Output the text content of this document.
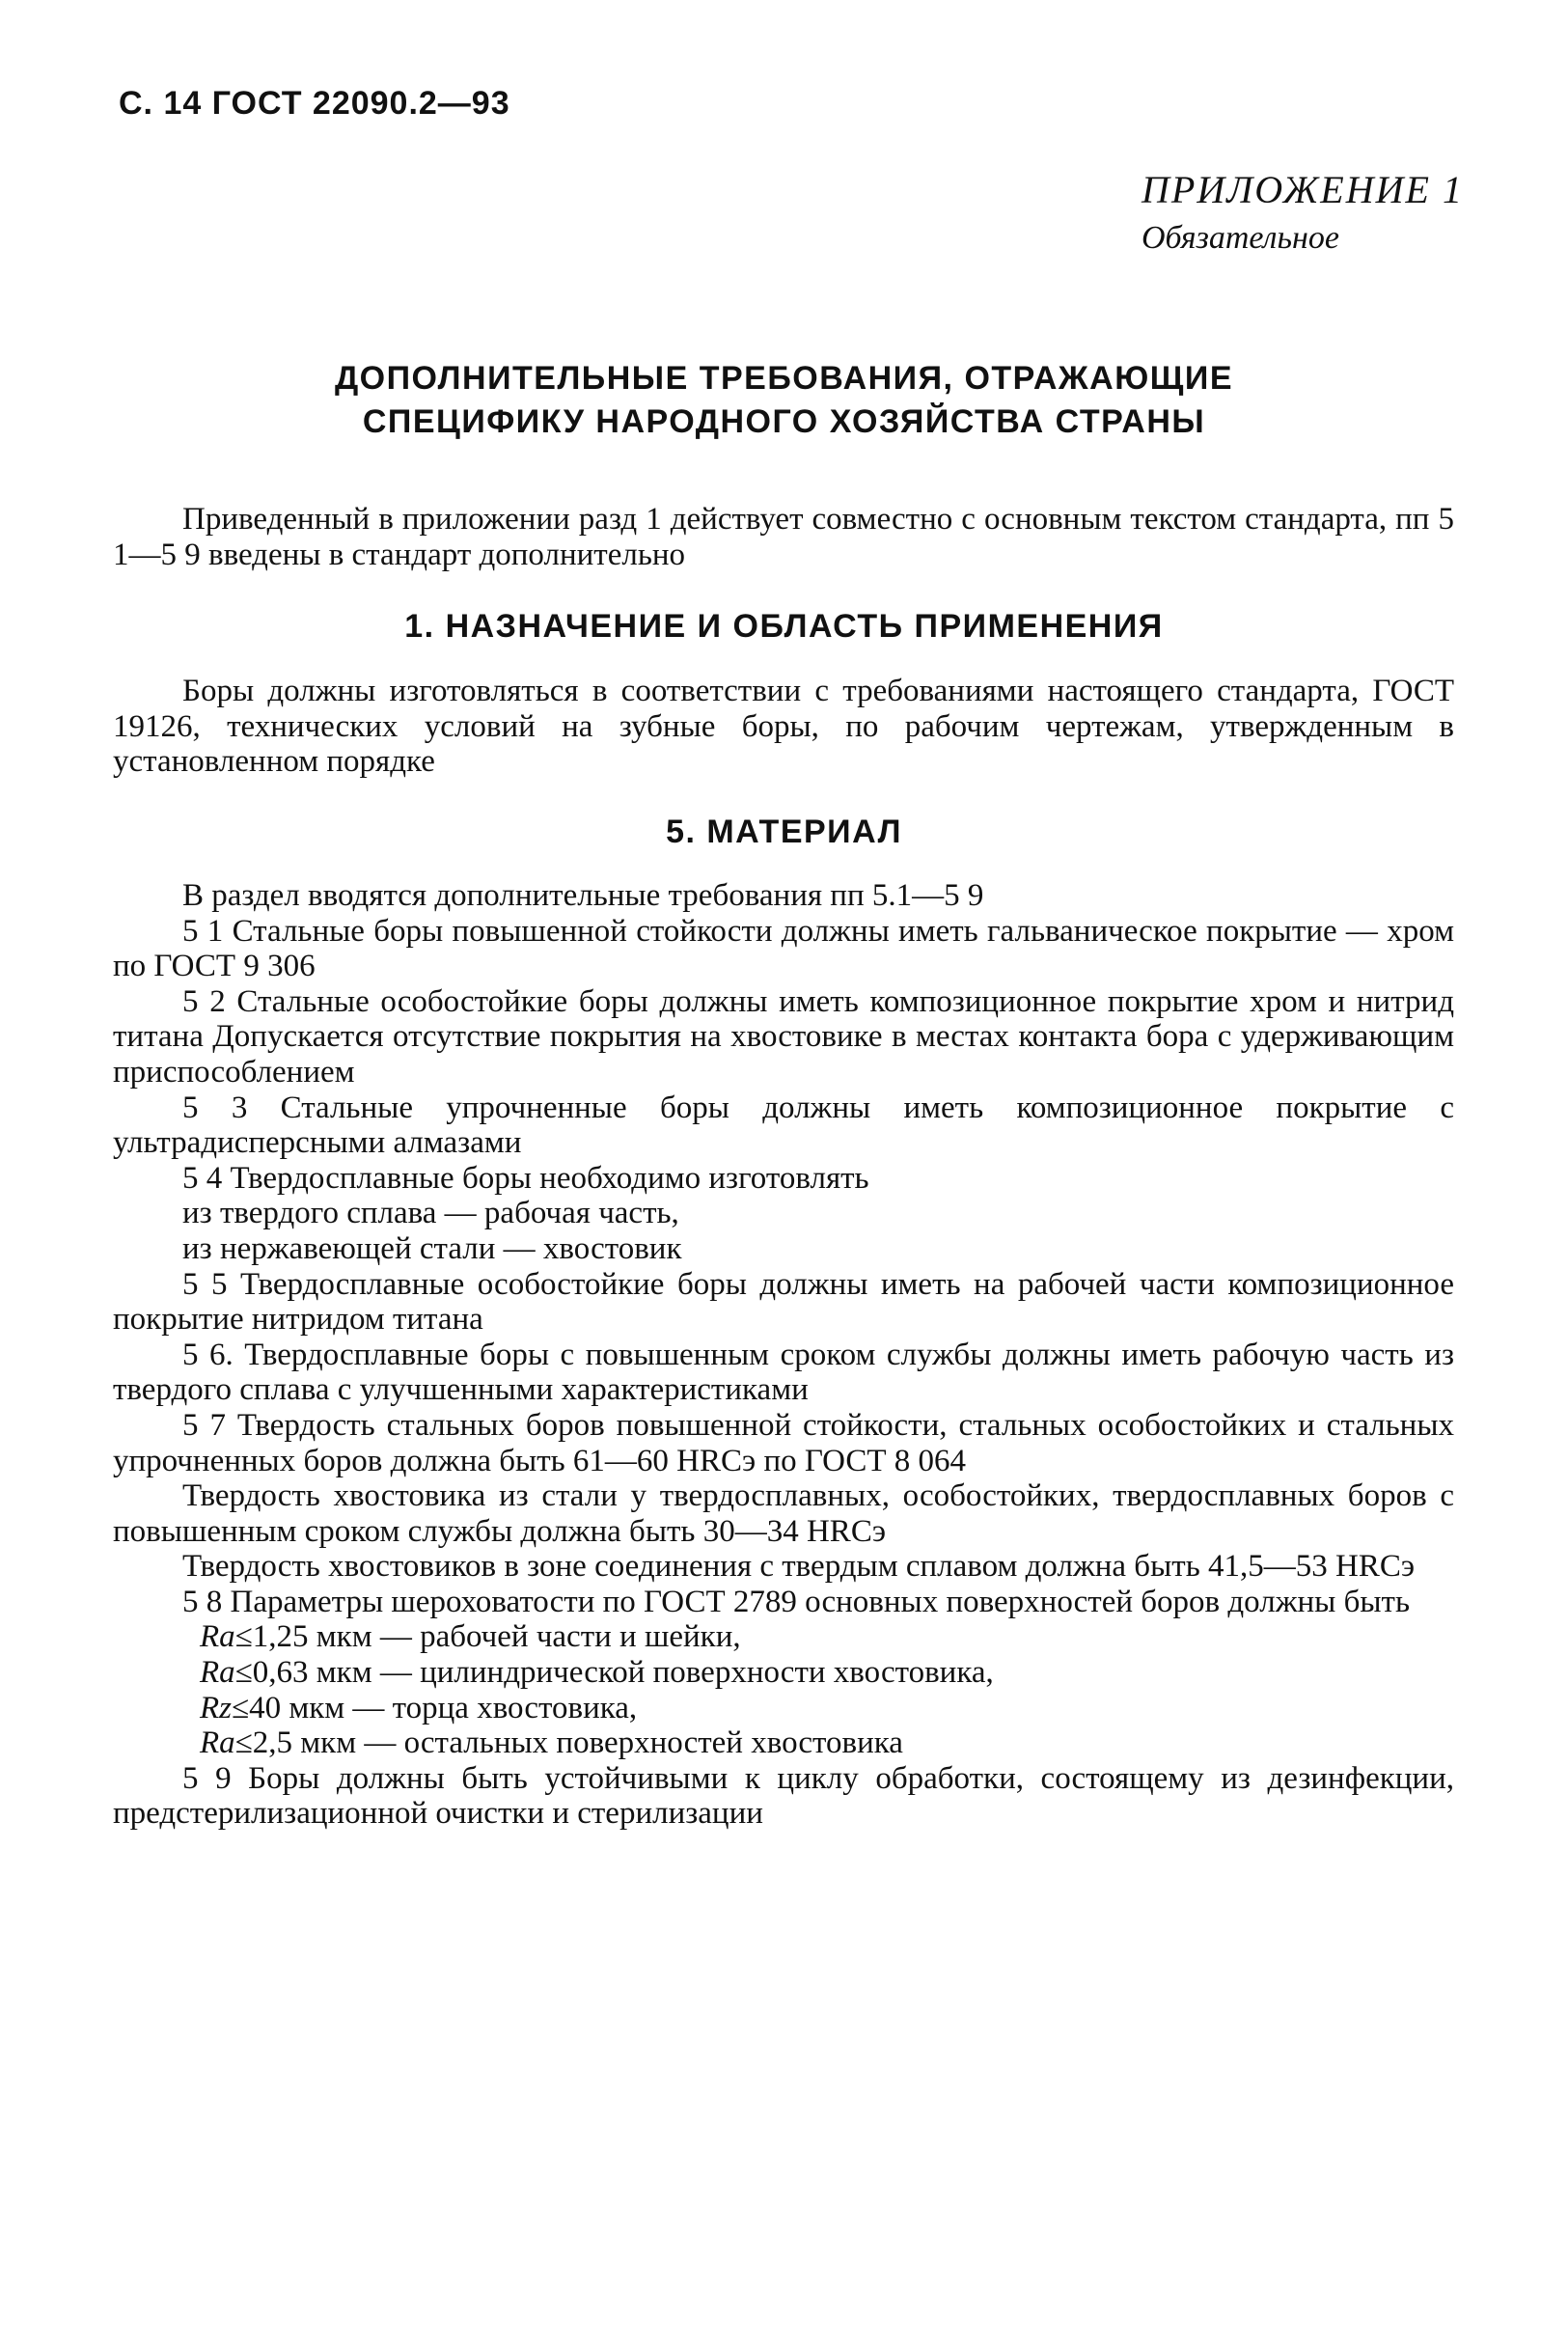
С. 14 ГОСТ 22090.2—93
ПРИЛОЖЕНИЕ 1
Обязательное
ДОПОЛНИТЕЛЬНЫЕ ТРЕБОВАНИЯ, ОТРАЖАЮЩИЕ
СПЕЦИФИКУ НАРОДНОГО ХОЗЯЙСТВА СТРАНЫ

Приведенный в приложении разд 1 действует совместно с основным текстом стандарта, пп 5 1—5 9 введены в стандарт дополнительно

1. НАЗНАЧЕНИЕ И ОБЛАСТЬ ПРИМЕНЕНИЯ

Боры должны изготовляться в соответствии с требованиями настоящего стандарта, ГОСТ 19126, технических условий на зубные боры, по рабочим чертежам, утвержденным в установленном порядке

5. МАТЕРИАЛ

В раздел вводятся дополнительные требования пп 5.1—5 9

5 1 Стальные боры повышенной стойкости должны иметь гальваническое покрытие — хром по ГОСТ 9 306

5 2 Стальные особостойкие боры должны иметь композиционное покрытие хром и нитрид титана Допускается отсутствие покрытия на хвостовике в местах контакта бора с удерживающим приспособлением

5 3 Стальные упрочненные боры должны иметь композиционное покрытие с ультрадисперсными алмазами

5 4 Твердосплавные боры необходимо изготовлять

из твердого сплава — рабочая часть,

из нержавеющей стали — хвостовик

5 5 Твердосплавные особостойкие боры должны иметь на рабочей части композиционное покрытие нитридом титана

5 6. Твердосплавные боры с повышенным сроком службы должны иметь рабочую часть из твердого сплава с улучшенными характеристиками

5 7 Твердость стальных боров повышенной стойкости, стальных особостойких и стальных упрочненных боров должна быть 61—60 HRCэ по ГОСТ 8 064

Твердость хвостовика из стали у твердосплавных, особостойких, твердосплавных боров с повышенным сроком службы должна быть 30—34 HRCэ

Твердость хвостовиков в зоне соединения с твердым сплавом должна быть 41,5—53 HRCэ

5 8 Параметры шероховатости по ГОСТ 2789 основных поверхностей боров должны быть

Ra≤1,25 мкм — рабочей части и шейки,

Ra≤0,63 мкм — цилиндрической поверхности хвостовика,

Rz≤40 мкм — торца хвостовика,

Ra≤2,5 мкм — остальных поверхностей хвостовика

5 9 Боры должны быть устойчивыми к циклу обработки, состоящему из дезинфекции, предстерилизационной очистки и стерилизации
